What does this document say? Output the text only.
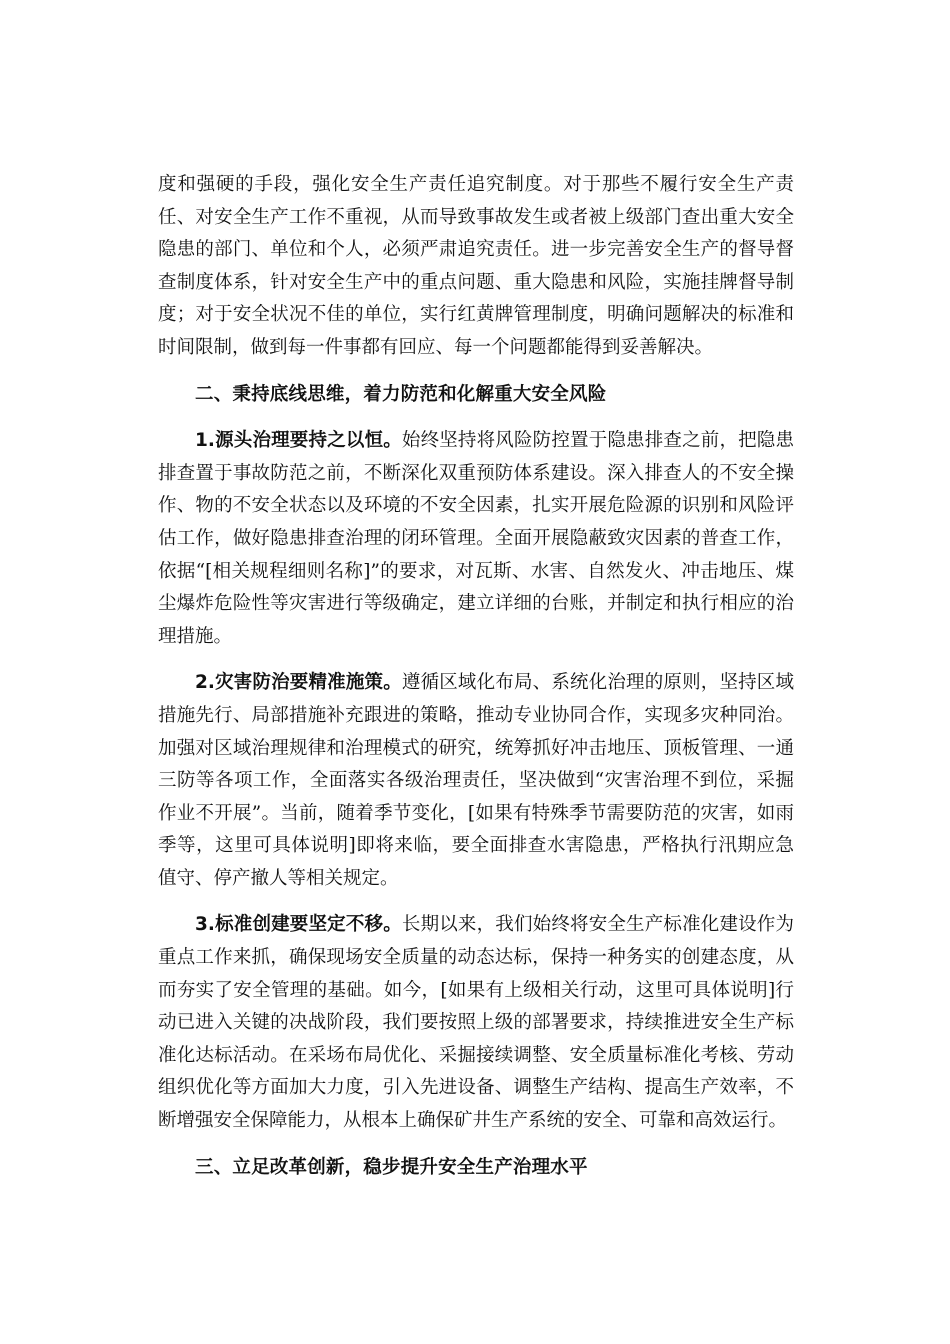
度和强硬的手段，强化安全生产责任追究制度。对于那些不履行安全生产责任、对安全生产工作不重视，从而导致事故发生或者被上级部门查出重大安全隐患的部门、单位和个人，必须严肃追究责任。进一步完善安全生产的督导督查制度体系，针对安全生产中的重点问题、重大隐患和风险，实施挂牌督导制度；对于安全状况不佳的单位，实行红黄牌管理制度，明确问题解决的标准和时间限制，做到每一件事都有回应、每一个问题都能得到妥善解决。

二、秉持底线思维，着力防范和化解重大安全风险

1.源头治理要持之以恒。始终坚持将风险防控置于隐患排查之前，把隐患排查置于事故防范之前，不断深化双重预防体系建设。深入排查人的不安全操作、物的不安全状态以及环境的不安全因素，扎实开展危险源的识别和风险评估工作，做好隐患排查治理的闭环管理。全面开展隐蔽致灾因素的普查工作，依据“[相关规程细则名称]”的要求，对瓦斯、水害、自然发火、冲击地压、煤尘爆炸危险性等灾害进行等级确定，建立详细的台账，并制定和执行相应的治理措施。

2.灾害防治要精准施策。遵循区域化布局、系统化治理的原则，坚持区域措施先行、局部措施补充跟进的策略，推动专业协同合作，实现多灾种同治。加强对区域治理规律和治理模式的研究，统筹抓好冲击地压、顶板管理、一通三防等各项工作，全面落实各级治理责任，坚决做到“灾害治理不到位，采掘作业不开展”。当前，随着季节变化，[如果有特殊季节需要防范的灾害，如雨季等，这里可具体说明]即将来临，要全面排查水害隐患，严格执行汛期应急值守、停产撤人等相关规定。

3.标准创建要坚定不移。长期以来，我们始终将安全生产标准化建设作为重点工作来抓，确保现场安全质量的动态达标，保持一种务实的创建态度，从而夯实了安全管理的基础。如今，[如果有上级相关行动，这里可具体说明]行动已进入关键的决战阶段，我们要按照上级的部署要求，持续推进安全生产标准化达标活动。在采场布局优化、采掘接续调整、安全质量标准化考核、劳动组织优化等方面加大力度，引入先进设备、调整生产结构、提高生产效率，不断增强安全保障能力，从根本上确保矿井生产系统的安全、可靠和高效运行。

三、立足改革创新，稳步提升安全生产治理水平
